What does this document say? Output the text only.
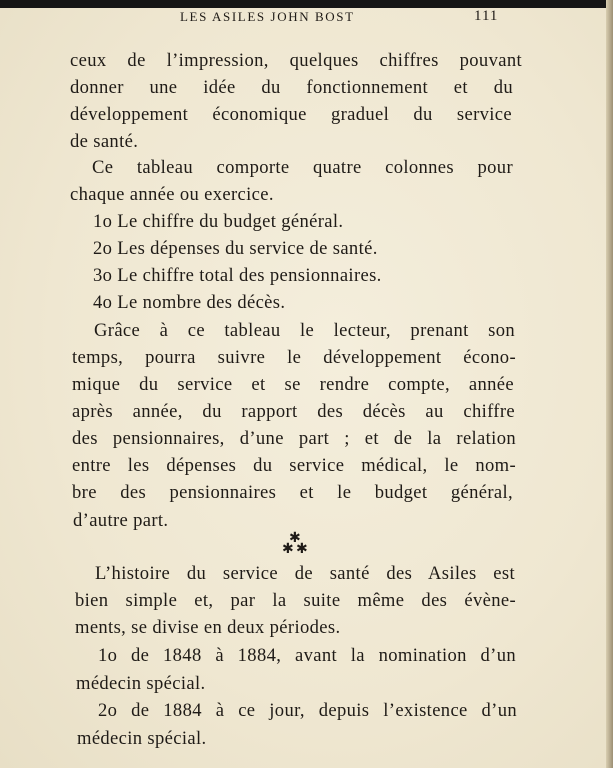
LES ASILES JOHN BOST	111
ceux de l’impression, quelques chiffres pouvant
donner une idée du fonctionnement et du
développement économique graduel du service
de santé.
Ce tableau comporte quatre colonnes pour
chaque année ou exercice.
1o Le chiffre du budget général.
2o Les dépenses du service de santé.
3o Le chiffre total des pensionnaires.
4o Le nombre des décès.
Grâce à ce tableau le lecteur, prenant son
temps, pourra suivre le développement écono-
mique du service et se rendre compte, année
après année, du rapport des décès au chiffre
des pensionnaires, d’une part ; et de la relation
entre les dépenses du service médical, le nom-
bre des pensionnaires et le budget général,
d’autre part.
✱
✱ ✱
L’histoire du service de santé des Asiles est
bien simple et, par la suite même des évène-
ments, se divise en deux périodes.
1o de 1848 à 1884, avant la nomination d’un
médecin spécial.
2o de 1884 à ce jour, depuis l’existence d’un
médecin spécial.
